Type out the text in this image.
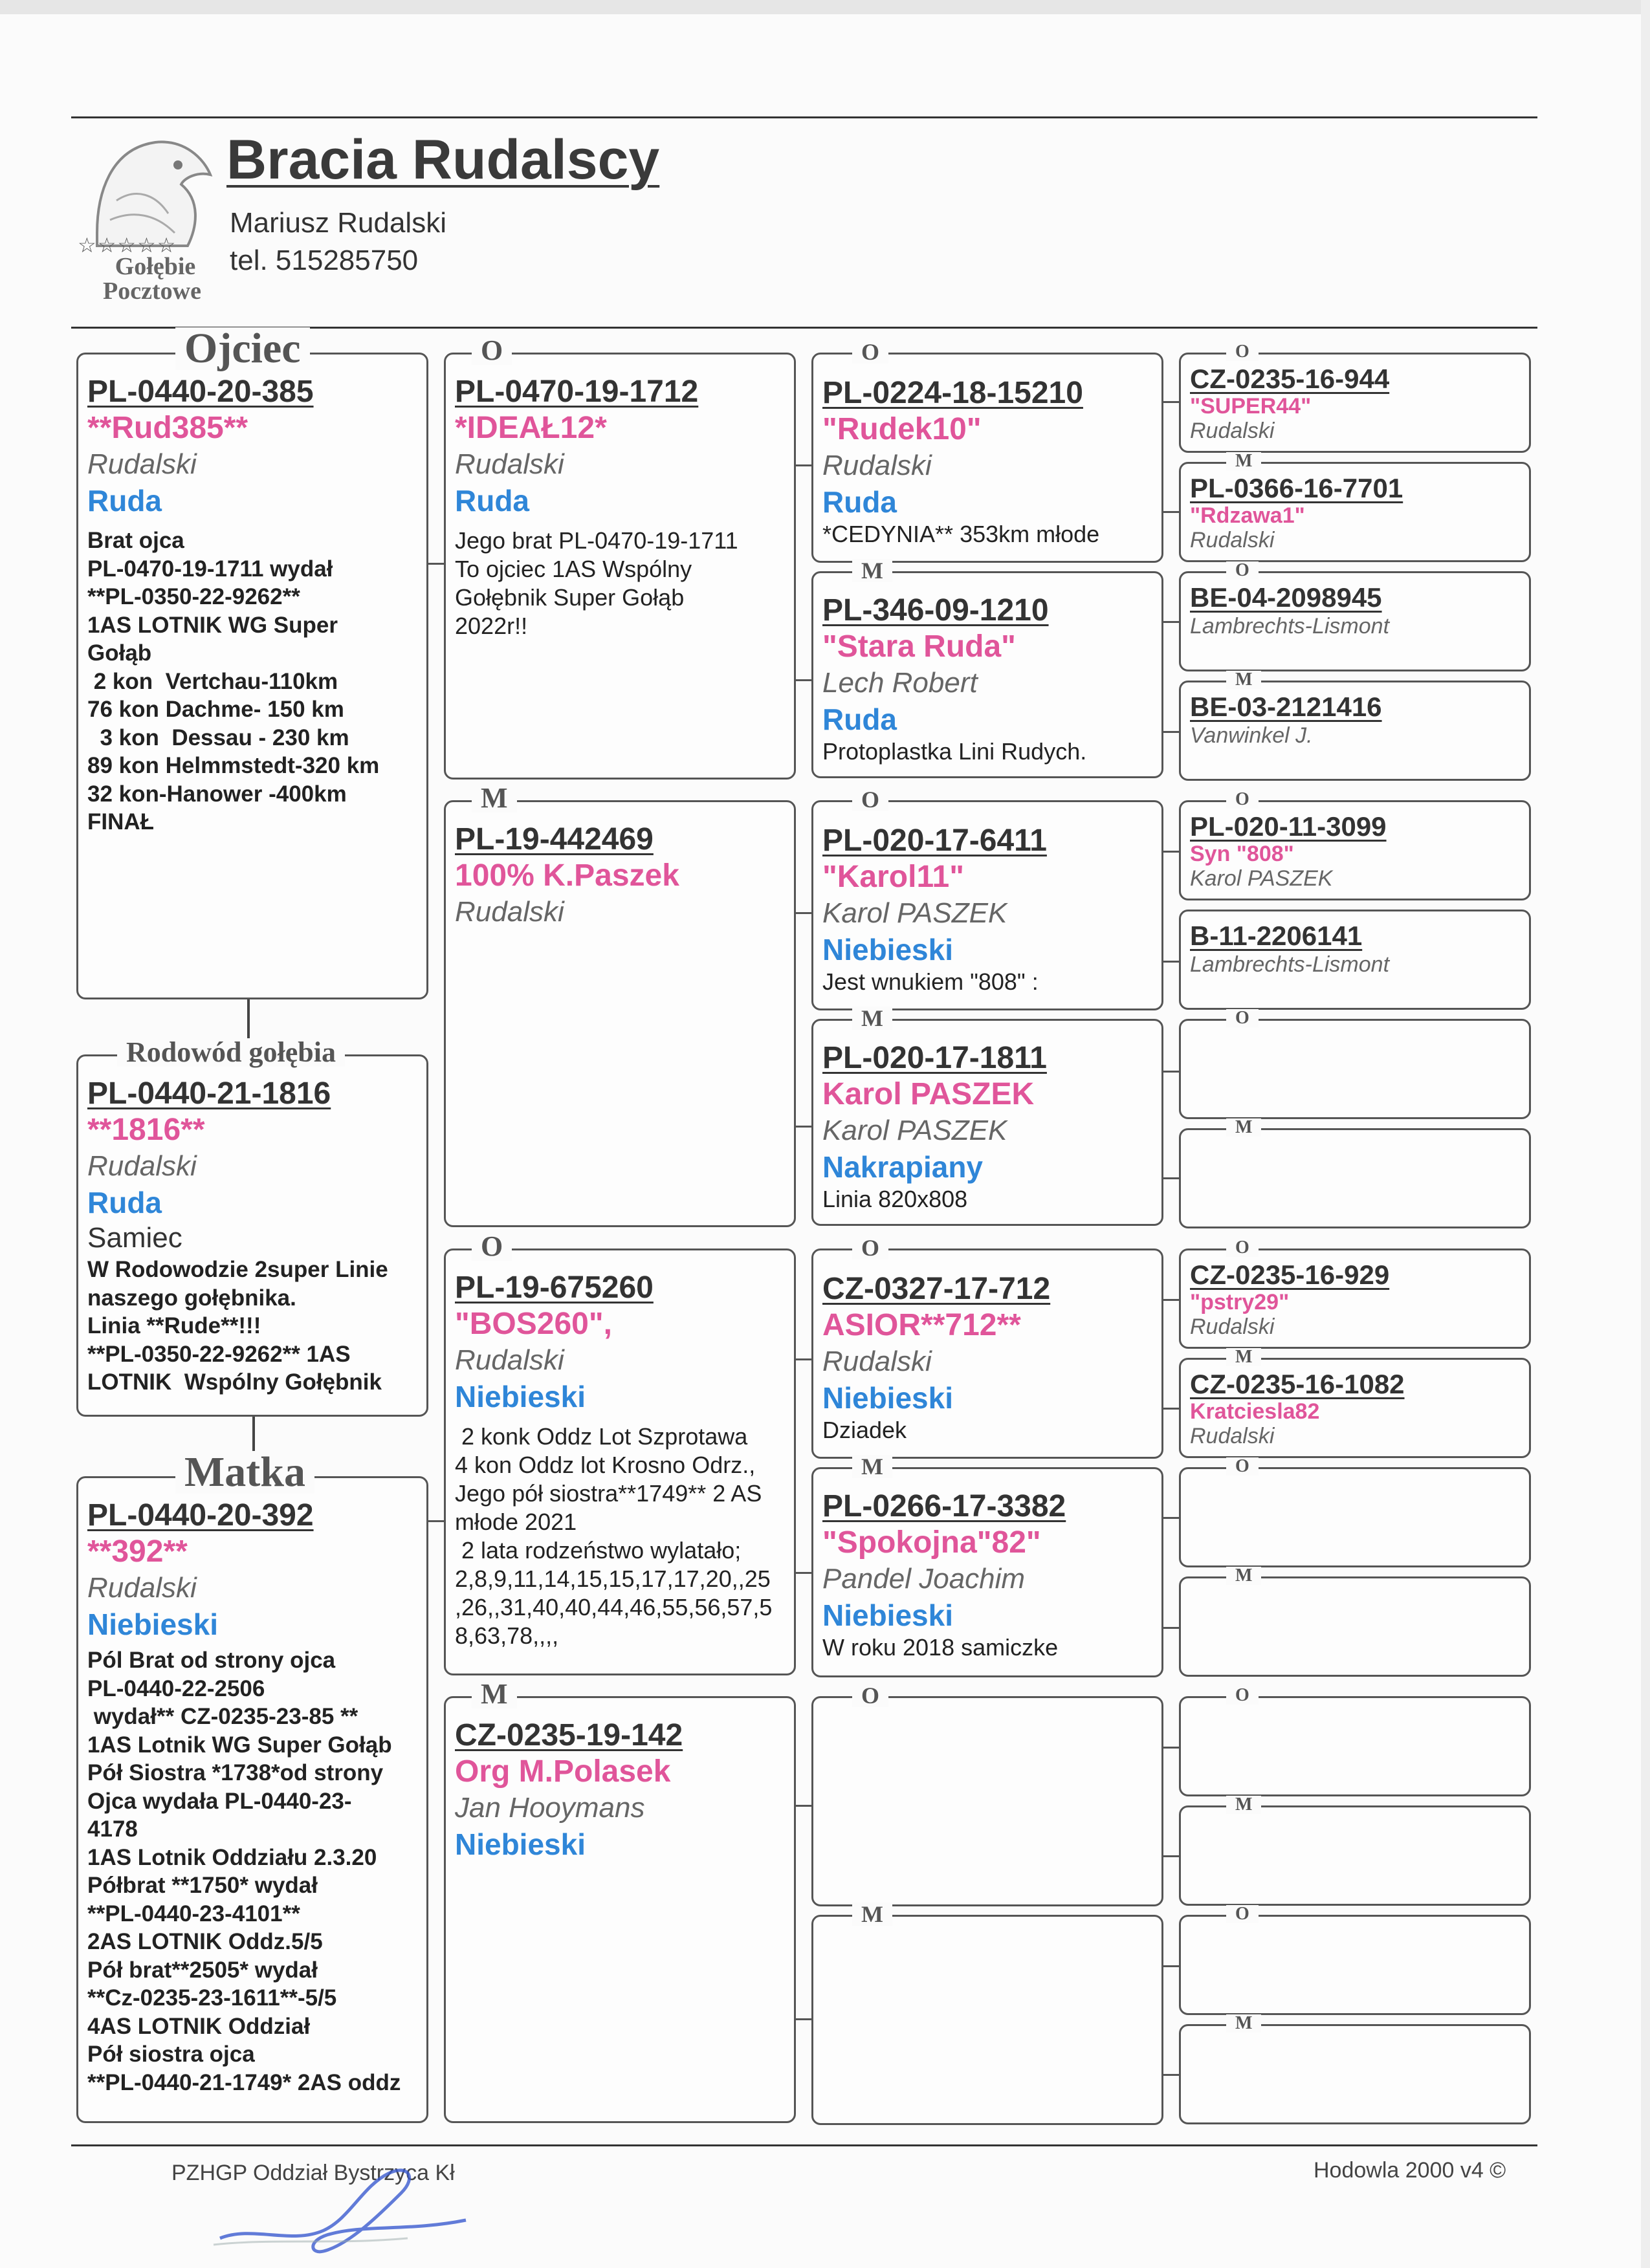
☆☆☆☆☆
Gołębie
Pocztowe
Bracia Rudalscy
Mariusz Rudalski
tel. 515285750
Ojciec
PL-0440-20-385
**Rud385**
Rudalski
Ruda
Brat ojca
PL-0470-19-1711 wydał
**PL-0350-22-9262**
1AS LOTNIK WG Super
Gołąb
2 kon  Vertchau-110km
76 kon Dachme- 150 km
3 kon  Dessau - 230 km
89 kon Helmmstedt-320 km
32 kon-Hanower -400km
FINAŁ
Rodowód gołębia
PL-0440-21-1816
**1816**
Rudalski
Ruda
Samiec
W Rodowodzie 2super Linie
naszego gołębnika.
Linia **Rude**!!!
**PL-0350-22-9262** 1AS
LOTNIK  Wspólny Gołębnik
Matka
PL-0440-20-392
**392**
Rudalski
Niebieski
Pól Brat od strony ojca
PL-0440-22-2506
wydał** CZ-0235-23-85 **
1AS Lotnik WG Super Gołąb
Pół Siostra *1738*od strony
Ojca wydała PL-0440-23-
4178
1AS Lotnik Oddziału 2.3.20
Półbrat **1750* wydał
**PL-0440-23-4101**
2AS LOTNIK Oddz.5/5
Pół brat**2505* wydał
**Cz-0235-23-1611**-5/5
4AS LOTNIK Oddział
Pół siostra ojca
**PL-0440-21-1749* 2AS oddz
O
PL-0470-19-1712
*IDEAŁ12*
Rudalski
Ruda
Jego brat PL-0470-19-1711
To ojciec 1AS Wspólny
Gołębnik Super Gołąb
2022r!!
M
PL-19-442469
100% K.Paszek
Rudalski
O
PL-19-675260
"BOS260",
Rudalski
Niebieski
2 konk Oddz Lot Szprotawa
4 kon Oddz lot Krosno Odrz.,
Jego pół siostra**1749** 2 AS
młode 2021
2 lata rodzeństwo wylatało;
2,8,9,11,14,15,15,17,17,20,,25
,26,,31,40,40,44,46,55,56,57,5
8,63,78,,,,
M
CZ-0235-19-142
Org M.Polasek
Jan Hooymans
Niebieski
O
PL-0224-18-15210
"Rudek10"
Rudalski
Ruda
*CEDYNIA** 353km młode
M
PL-346-09-1210
"Stara Ruda"
Lech Robert
Ruda
Protoplastka Lini Rudych.
O
PL-020-17-6411
"Karol11"
Karol PASZEK
Niebieski
Jest wnukiem "808" :
M
PL-020-17-1811
Karol PASZEK
Karol PASZEK
Nakrapiany
Linia 820x808
O
CZ-0327-17-712
ASIOR**712**
Rudalski
Niebieski
Dziadek
M
PL-0266-17-3382
"Spokojna"82"
Pandel Joachim
Niebieski
W roku 2018 samiczke
O
M
O
CZ-0235-16-944
"SUPER44"
Rudalski
M
PL-0366-16-7701
"Rdzawa1"
Rudalski
O
BE-04-2098945
Lambrechts-Lismont
M
BE-03-2121416
Vanwinkel J.
O
PL-020-11-3099
Syn "808"
Karol PASZEK
B-11-2206141
Lambrechts-Lismont
O
M
O
CZ-0235-16-929
"pstry29"
Rudalski
M
CZ-0235-16-1082
Kratciesla82
Rudalski
O
M
O
M
O
M
PZHGP Oddział Bystrzyca Kł	Hodowla 2000 v4 ©
